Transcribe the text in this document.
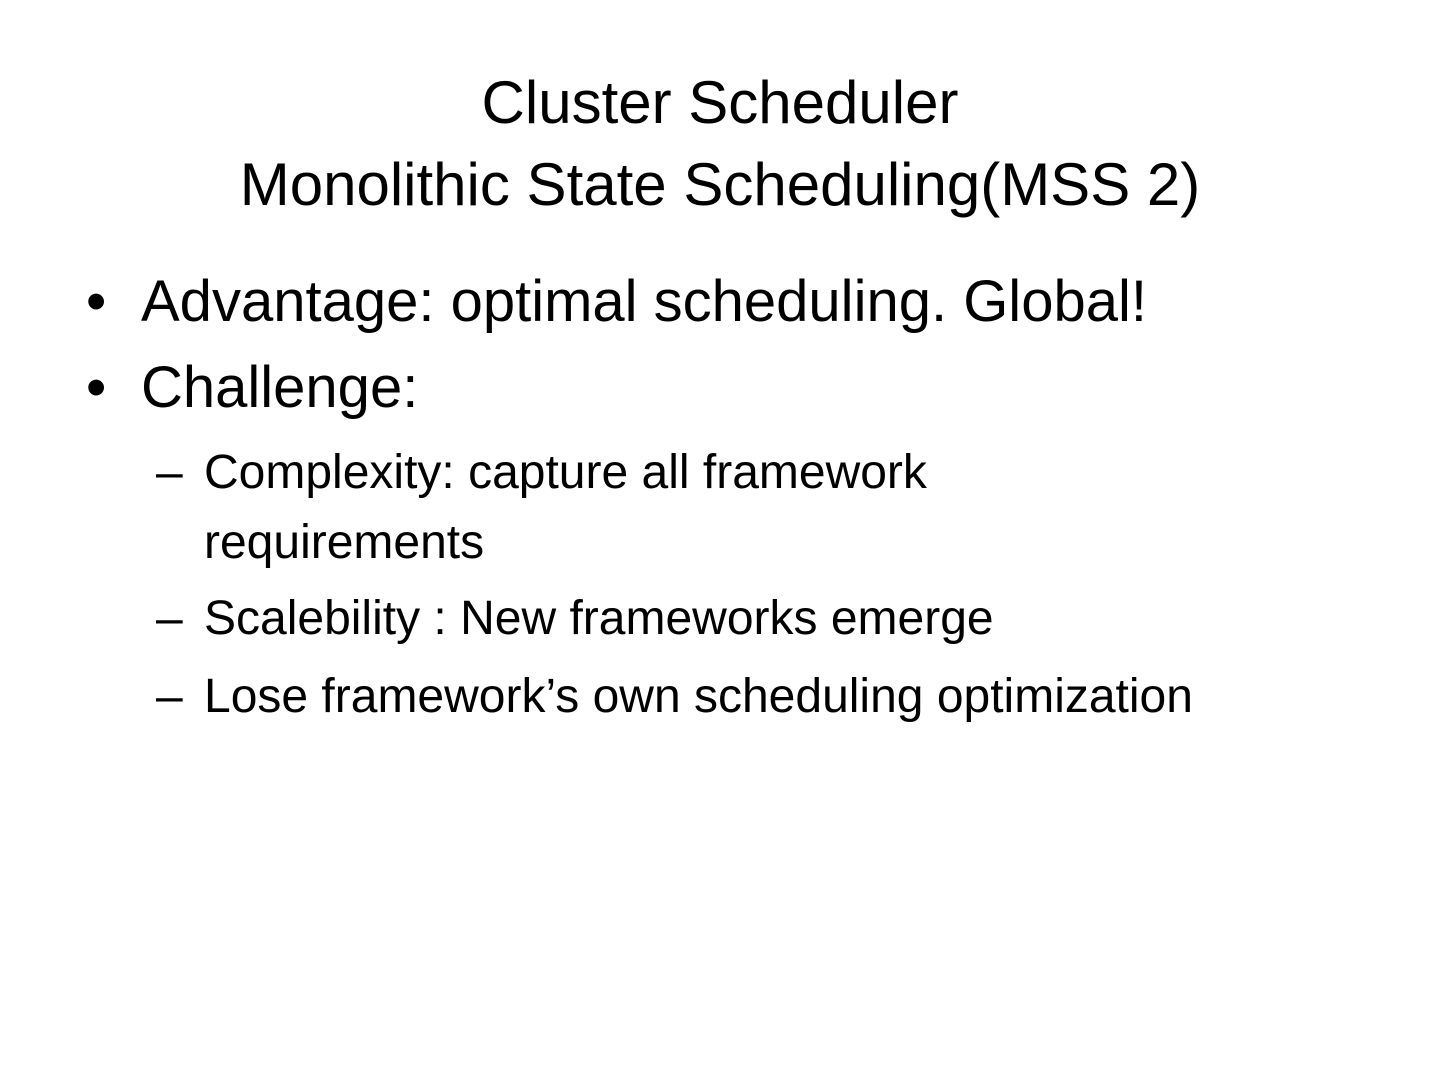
Cluster Scheduler
Monolithic State Scheduling(MSS 2)
• Advantage: optimal scheduling. Global!
• Challenge:
– Complexity: capture all framework
requirements
– Scalebility : New frameworks emerge
– Lose framework’s own scheduling optimization
